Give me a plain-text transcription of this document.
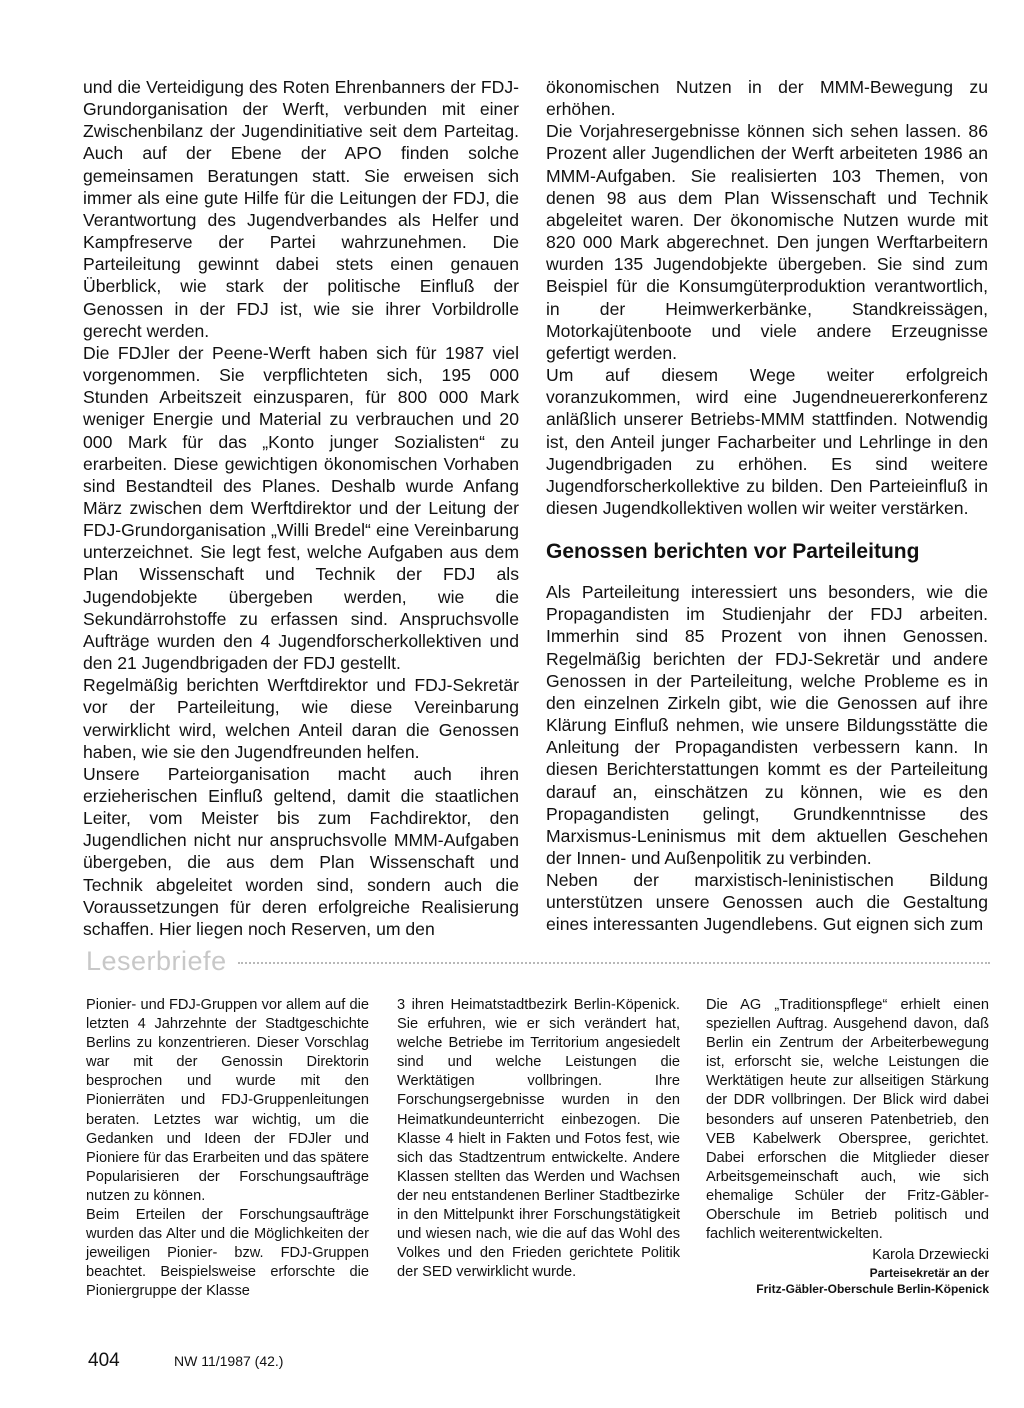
und die Verteidigung des Roten Ehrenbanners der FDJ-Grundorganisation der Werft, verbunden mit einer Zwischenbilanz der Jugendinitiative seit dem Parteitag. Auch auf der Ebene der APO finden solche gemeinsamen Beratungen statt. Sie erweisen sich immer als eine gute Hilfe für die Leitungen der FDJ, die Verantwortung des Jugendverbandes als Helfer und Kampfreserve der Partei wahrzunehmen. Die Parteileitung gewinnt dabei stets einen genauen Überblick, wie stark der politische Einfluß der Genossen in der FDJ ist, wie sie ihrer Vorbildrolle gerecht werden.

Die FDJler der Peene-Werft haben sich für 1987 viel vorgenommen. Sie verpflichteten sich, 195 000 Stunden Arbeitszeit einzusparen, für 800 000 Mark weniger Energie und Material zu verbrauchen und 20 000 Mark für das „Konto junger Sozialisten“ zu erarbeiten. Diese gewichtigen ökonomischen Vorhaben sind Bestandteil des Planes. Deshalb wurde Anfang März zwischen dem Werftdirektor und der Leitung der FDJ-Grundorganisation „Willi Bredel“ eine Vereinbarung unterzeichnet. Sie legt fest, welche Aufgaben aus dem Plan Wissenschaft und Technik der FDJ als Jugendobjekte übergeben werden, wie die Sekundärrohstoffe zu erfassen sind. Anspruchsvolle Aufträge wurden den 4 Jugendforscherkollektiven und den 21 Jugendbrigaden der FDJ gestellt.

Regelmäßig berichten Werftdirektor und FDJ-Sekretär vor der Parteileitung, wie diese Vereinbarung verwirklicht wird, welchen Anteil daran die Genossen haben, wie sie den Jugendfreunden helfen.

Unsere Parteiorganisation macht auch ihren erzieherischen Einfluß geltend, damit die staatlichen Leiter, vom Meister bis zum Fachdirektor, den Jugendlichen nicht nur anspruchsvolle MMM-Aufgaben übergeben, die aus dem Plan Wissenschaft und Technik abgeleitet worden sind, sondern auch die Voraussetzungen für deren erfolgreiche Realisierung schaffen. Hier liegen noch Reserven, um den

ökonomischen Nutzen in der MMM-Bewegung zu erhöhen.

Die Vorjahresergebnisse können sich sehen lassen. 86 Prozent aller Jugendlichen der Werft arbeiteten 1986 an MMM-Aufgaben. Sie realisierten 103 Themen, von denen 98 aus dem Plan Wissenschaft und Technik abgeleitet waren. Der ökonomische Nutzen wurde mit 820 000 Mark abgerechnet. Den jungen Werftarbeitern wurden 135 Jugendobjekte übergeben. Sie sind zum Beispiel für die Konsumgüterproduktion verantwortlich, in der Heimwerkerbänke, Standkreissägen, Motorkajütenboote und viele andere Erzeugnisse gefertigt werden.

Um auf diesem Wege weiter erfolgreich voranzukommen, wird eine Jugendneuererkonferenz anläßlich unserer Betriebs-MMM stattfinden. Notwendig ist, den Anteil junger Facharbeiter und Lehrlinge in den Jugendbrigaden zu erhöhen. Es sind weitere Jugendforscherkollektive zu bilden. Den Parteieinfluß in diesen Jugendkollektiven wollen wir weiter verstärken.

Genossen berichten vor Parteileitung

Als Parteileitung interessiert uns besonders, wie die Propagandisten im Studienjahr der FDJ arbeiten. Immerhin sind 85 Prozent von ihnen Genossen. Regelmäßig berichten der FDJ-Sekretär und andere Genossen in der Parteileitung, welche Probleme es in den einzelnen Zirkeln gibt, wie die Genossen auf ihre Klärung Einfluß nehmen, wie unsere Bildungsstätte die Anleitung der Propagandisten verbessern kann. In diesen Berichterstattungen kommt es der Parteileitung darauf an, einschätzen zu können, wie es den Propagandisten gelingt, Grundkenntnisse des Marxismus-Leninismus mit dem aktuellen Geschehen der Innen- und Außenpolitik zu verbinden.

Neben der marxistisch-leninistischen Bildung unterstützen unsere Genossen auch die Gestaltung eines interessanten Jugendlebens. Gut eignen sich zum

Leserbriefe

Pionier- und FDJ-Gruppen vor allem auf die letzten 4 Jahrzehnte der Stadtgeschichte Berlins zu konzentrieren. Dieser Vorschlag war mit der Genossin Direktorin besprochen und wurde mit den Pionierräten und FDJ-Gruppenleitungen beraten. Letztes war wichtig, um die Gedanken und Ideen der FDJler und Pioniere für das Erarbeiten und das spätere Popularisieren der Forschungsaufträge nutzen zu können.

Beim Erteilen der Forschungsaufträge wurden das Alter und die Möglichkeiten der jeweiligen Pionier- bzw. FDJ-Gruppen beachtet. Beispielsweise erforschte die Pioniergruppe der Klasse

3 ihren Heimatstadtbezirk Berlin-Köpenick. Sie erfuhren, wie er sich verändert hat, welche Betriebe im Territorium angesiedelt sind und welche Leistungen die Werktätigen vollbringen. Ihre Forschungsergebnisse wurden in den Heimatkundeunterricht einbezogen. Die Klasse 4 hielt in Fakten und Fotos fest, wie sich das Stadtzentrum entwickelte. Andere Klassen stellten das Werden und Wachsen der neu entstandenen Berliner Stadtbezirke in den Mittelpunkt ihrer Forschungstätigkeit und wiesen nach, wie die auf das Wohl des Volkes und den Frieden gerichtete Politik der SED verwirklicht wurde.

Die AG „Traditionspflege“ erhielt einen speziellen Auftrag. Ausgehend davon, daß Berlin ein Zentrum der Arbeiterbewegung ist, erforscht sie, welche Leistungen die Werktätigen heute zur allseitigen Stärkung der DDR vollbringen. Der Blick wird dabei besonders auf unseren Patenbetrieb, den VEB Kabelwerk Oberspree, gerichtet. Dabei erforschen die Mitglieder dieser Arbeitsgemeinschaft auch, wie sich ehemalige Schüler der Fritz-Gäbler-Oberschule im Betrieb politisch und fachlich weiterentwickelten.

Karola Drzewiecki
Parteisekretär an der
Fritz-Gäbler-Oberschule Berlin-Köpenick
404	NW 11/1987 (42.)
